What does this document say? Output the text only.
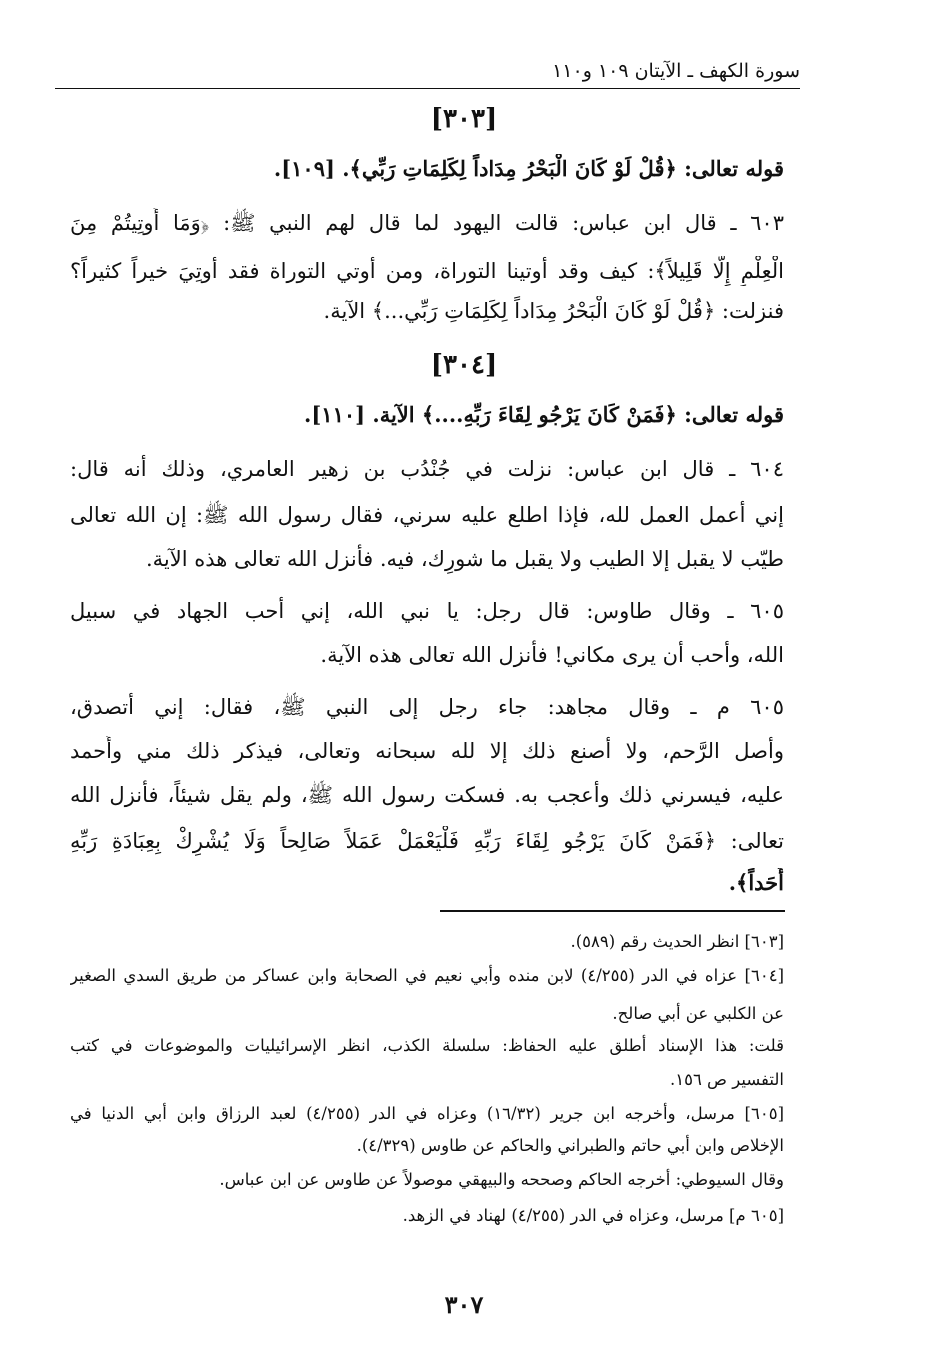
سورة الكهف ـ الآيتان ١٠٩ و١١٠
[٣٠٣]
قوله تعالى: ﴿قُلْ لَوْ كَانَ الْبَحْرُ مِدَاداً لِكَلِمَاتِ رَبِّي﴾. [١٠٩].
٦٠٣ ـ قال ابن عباس: قالت اليهود لما قال لهم النبي ﷺ: ﴿وَمَا أُوتِيتُمْ مِنَ
الْعِلْمِ إِلَّا قَلِيلاً﴾: كيف وقد أوتينا التوراة، ومن أوتي التوراة فقد أوتِيَ خيراً كثيراً؟
فنزلت: ﴿قُلْ لَوْ كَانَ الْبَحْرُ مِدَاداً لِكَلِمَاتِ رَبِّي...﴾ الآية.
[٣٠٤]
قوله تعالى: ﴿فَمَنْ كَانَ يَرْجُو لِقَاءَ رَبِّهِ....﴾ الآية. [١١٠].
٦٠٤ ـ قال ابن عباس: نزلت في جُنْدُب بن زهير العامري، وذلك أنه قال:
إني أعمل العمل لله، فإذا اطلع عليه سرني، فقال رسول الله ﷺ: إن الله تعالى
طيّب لا يقبل إلا الطيب ولا يقبل ما شورِك، فيه. فأنزل الله تعالى هذه الآية.
٦٠٥ ـ وقال طاوس: قال رجل: يا نبي الله، إني أحب الجهاد في سبيل
الله، وأحب أن يرى مكاني! فأنزل الله تعالى هذه الآية.
٦٠٥ م ـ وقال مجاهد: جاء رجل إلى النبي ﷺ، فقال: إني أتصدق،
وأصل الرَّحم، ولا أصنع ذلك إلا لله سبحانه وتعالى، فيذكر ذلك مني وأُحمد
عليه، فيسرني ذلك وأعجب به. فسكت رسول الله ﷺ، ولم يقل شيئاً، فأنزل الله
تعالى: ﴿فَمَنْ كَانَ يَرْجُو لِقَاءَ رَبِّهِ فَلْيَعْمَلْ عَمَلاً صَالِحاً وَلَا يُشْرِكْ بِعِبَادَةِ رَبِّهِ
أَحَداً﴾.
[٦٠٣] انظر الحديث رقم (٥٨٩).
[٦٠٤] عزاه في الدر (٤/٢٥٥) لابن منده وأبي نعيم في الصحابة وابن عساكر من طريق السدي الصغير
عن الكلبي عن أبي صالح.
قلت: هذا الإسناد أطلق عليه الحفاظ: سلسلة الكذب، انظر الإسرائيليات والموضوعات في كتب
التفسير ص ١٥٦.
[٦٠٥] مرسل، وأخرجه ابن جرير (١٦/٣٢) وعزاه في الدر (٤/٢٥٥) لعبد الرزاق وابن أبي الدنيا في
الإخلاص وابن أبي حاتم والطبراني والحاكم عن طاوس (٤/٣٢٩).
وقال السيوطي: أخرجه الحاكم وصححه والبيهقي موصولاً عن طاوس عن ابن عباس.
[٦٠٥ م] مرسل، وعزاه في الدر (٤/٢٥٥) لهناد في الزهد.
٣٠٧
